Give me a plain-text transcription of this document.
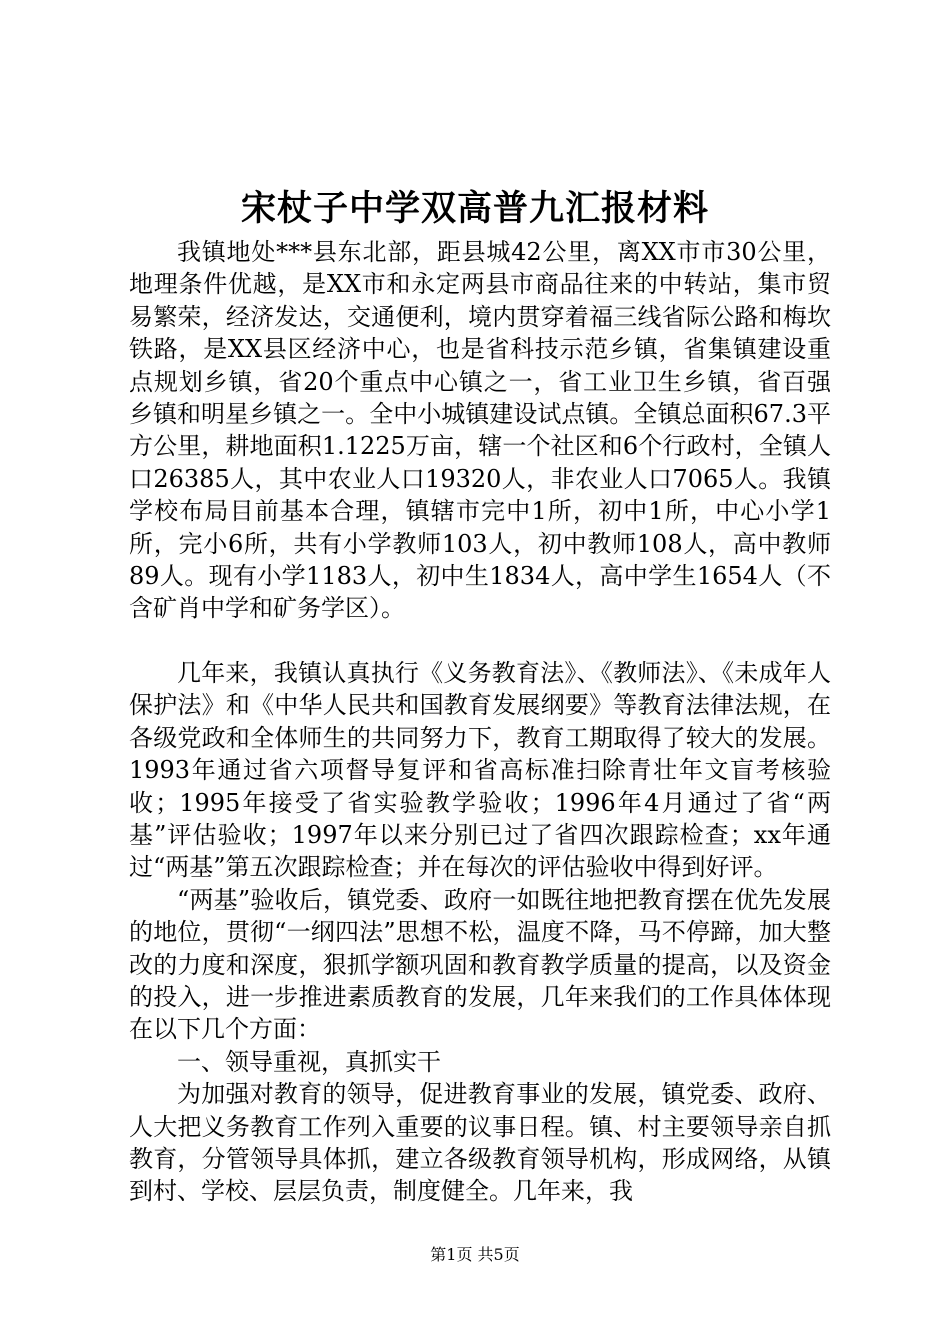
宋杖子中学双高普九汇报材料

我镇地处***县东北部，距县城42公里，离XX市市30公里，地理条件优越，是XX市和永定两县市商品往来的中转站，集市贸易繁荣，经济发达，交通便利，境内贯穿着福三线省际公路和梅坎铁路，是XX县区经济中心，也是省科技示范乡镇，省集镇建设重点规划乡镇，省20个重点中心镇之一，省工业卫生乡镇，省百强乡镇和明星乡镇之一。全中小城镇建设试点镇。全镇总面积67.3平方公里，耕地面积1.1225万亩，辖一个社区和6个行政村，全镇人口26385人，其中农业人口19320人，非农业人口7065人。我镇学校布局目前基本合理，镇辖市完中1所，初中1所，中心小学1所，完小6所，共有小学教师103人，初中教师108人，高中教师89人。现有小学1183人，初中生1834人，高中学生1654人（不含矿肖中学和矿务学区）。

几年来，我镇认真执行《义务教育法》、《教师法》、《未成年人保护法》和《中华人民共和国教育发展纲要》等教育法律法规，在各级党政和全体师生的共同努力下，教育工期取得了较大的发展。1993年通过省六项督导复评和省高标准扫除青壮年文盲考核验收；1995年接受了省实验教学验收；1996年4月通过了省“两基”评估验收；1997年以来分别已过了省四次跟踪检查；xx年通过“两基”第五次跟踪检查；并在每次的评估验收中得到好评。

“两基”验收后，镇党委、政府一如既往地把教育摆在优先发展的地位，贯彻“一纲四法”思想不松，温度不降，马不停蹄，加大整改的力度和深度，狠抓学额巩固和教育教学质量的提高，以及资金的投入，进一步推进素质教育的发展，几年来我们的工作具体体现在以下几个方面：

一、领导重视，真抓实干

为加强对教育的领导，促进教育事业的发展，镇党委、政府、人大把义务教育工作列入重要的议事日程。镇、村主要领导亲自抓教育，分管领导具体抓，建立各级教育领导机构，形成网络，从镇到村、学校、层层负责，制度健全。几年来，我

第1页 共5页
